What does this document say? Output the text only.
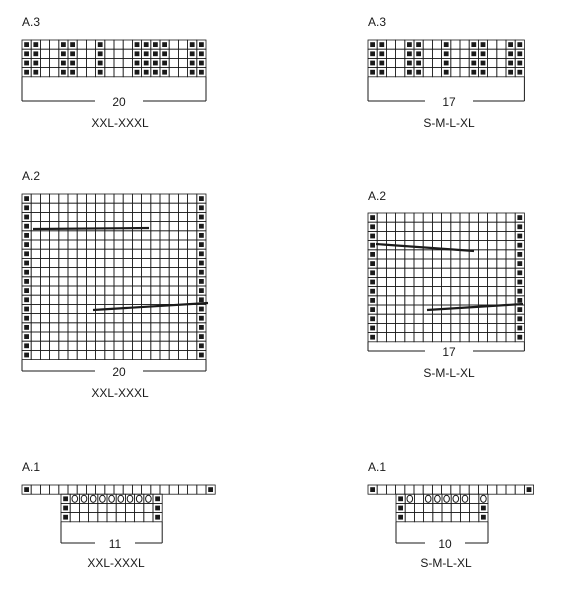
A.3
20
XXL-XXXL
A.3
17
S-M-L-XL
A.2
20
XXL-XXXL
A.2
17
S-M-L-XL
A.1
11
XXL-XXXL
A.1
10
S-M-L-XL
